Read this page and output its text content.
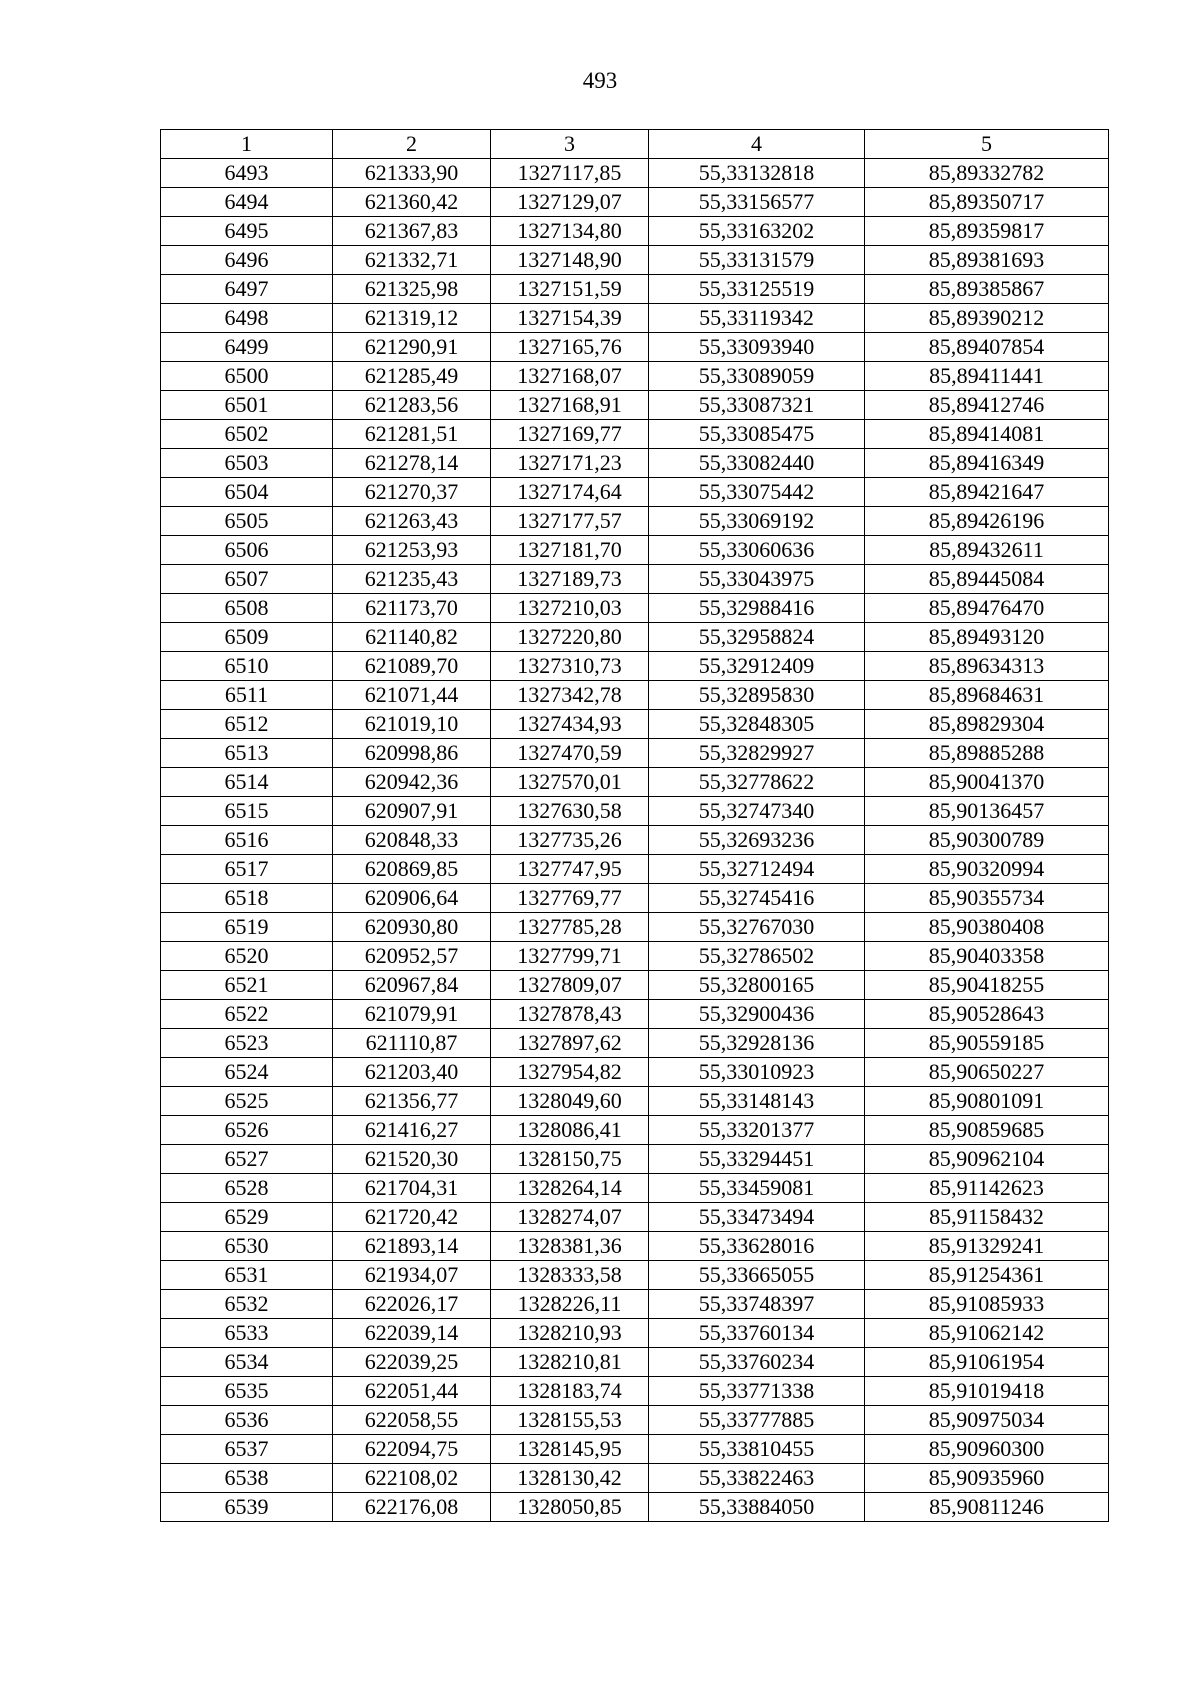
493
1	2	3	4	5
6493	621333,90	1327117,85	55,33132818	85,89332782
6494	621360,42	1327129,07	55,33156577	85,89350717
6495	621367,83	1327134,80	55,33163202	85,89359817
6496	621332,71	1327148,90	55,33131579	85,89381693
6497	621325,98	1327151,59	55,33125519	85,89385867
6498	621319,12	1327154,39	55,33119342	85,89390212
6499	621290,91	1327165,76	55,33093940	85,89407854
6500	621285,49	1327168,07	55,33089059	85,89411441
6501	621283,56	1327168,91	55,33087321	85,89412746
6502	621281,51	1327169,77	55,33085475	85,89414081
6503	621278,14	1327171,23	55,33082440	85,89416349
6504	621270,37	1327174,64	55,33075442	85,89421647
6505	621263,43	1327177,57	55,33069192	85,89426196
6506	621253,93	1327181,70	55,33060636	85,89432611
6507	621235,43	1327189,73	55,33043975	85,89445084
6508	621173,70	1327210,03	55,32988416	85,89476470
6509	621140,82	1327220,80	55,32958824	85,89493120
6510	621089,70	1327310,73	55,32912409	85,89634313
6511	621071,44	1327342,78	55,32895830	85,89684631
6512	621019,10	1327434,93	55,32848305	85,89829304
6513	620998,86	1327470,59	55,32829927	85,89885288
6514	620942,36	1327570,01	55,32778622	85,90041370
6515	620907,91	1327630,58	55,32747340	85,90136457
6516	620848,33	1327735,26	55,32693236	85,90300789
6517	620869,85	1327747,95	55,32712494	85,90320994
6518	620906,64	1327769,77	55,32745416	85,90355734
6519	620930,80	1327785,28	55,32767030	85,90380408
6520	620952,57	1327799,71	55,32786502	85,90403358
6521	620967,84	1327809,07	55,32800165	85,90418255
6522	621079,91	1327878,43	55,32900436	85,90528643
6523	621110,87	1327897,62	55,32928136	85,90559185
6524	621203,40	1327954,82	55,33010923	85,90650227
6525	621356,77	1328049,60	55,33148143	85,90801091
6526	621416,27	1328086,41	55,33201377	85,90859685
6527	621520,30	1328150,75	55,33294451	85,90962104
6528	621704,31	1328264,14	55,33459081	85,91142623
6529	621720,42	1328274,07	55,33473494	85,91158432
6530	621893,14	1328381,36	55,33628016	85,91329241
6531	621934,07	1328333,58	55,33665055	85,91254361
6532	622026,17	1328226,11	55,33748397	85,91085933
6533	622039,14	1328210,93	55,33760134	85,91062142
6534	622039,25	1328210,81	55,33760234	85,91061954
6535	622051,44	1328183,74	55,33771338	85,91019418
6536	622058,55	1328155,53	55,33777885	85,90975034
6537	622094,75	1328145,95	55,33810455	85,90960300
6538	622108,02	1328130,42	55,33822463	85,90935960
6539	622176,08	1328050,85	55,33884050	85,90811246
